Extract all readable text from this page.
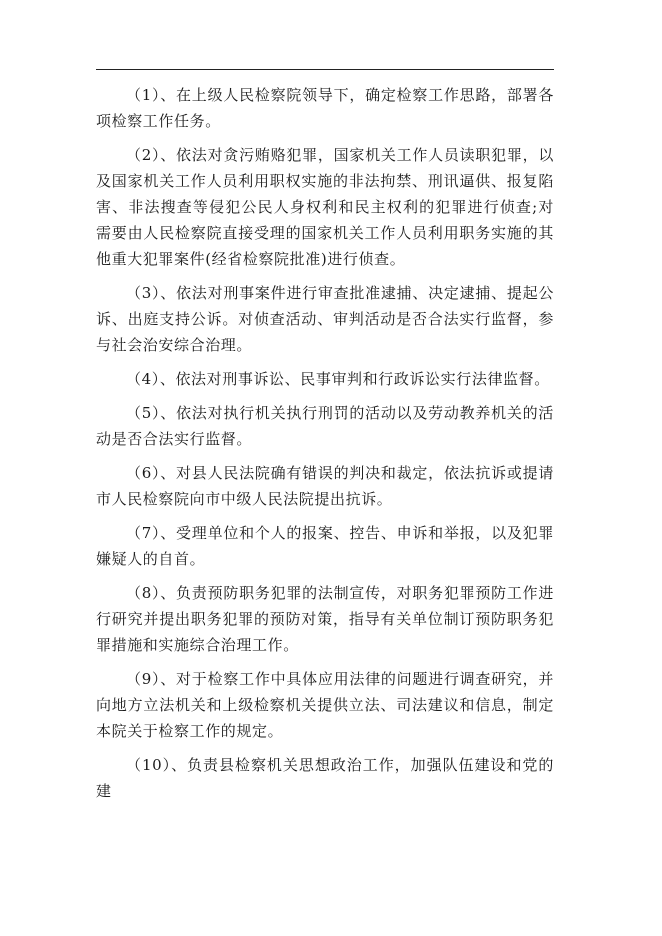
（1）、在上级人民检察院领导下，确定检察工作思路，部署各项检察工作任务。

（2）、依法对贪污贿赂犯罪，国家机关工作人员读职犯罪，以及国家机关工作人员利用职权实施的非法拘禁、刑讯逼供、报复陷害、非法搜查等侵犯公民人身权利和民主权利的犯罪进行侦查;对需要由人民检察院直接受理的国家机关工作人员利用职务实施的其他重大犯罪案件(经省检察院批准)进行侦查。

（3）、依法对刑事案件进行审查批准逮捕、决定逮捕、提起公诉、出庭支持公诉。对侦查活动、审判活动是否合法实行监督，参与社会治安综合治理。

（4）、依法对刑事诉讼、民事审判和行政诉讼实行法律监督。

（5）、依法对执行机关执行刑罚的活动以及劳动教养机关的活动是否合法实行监督。

（6）、对县人民法院确有错误的判决和裁定，依法抗诉或提请市人民检察院向市中级人民法院提出抗诉。

（7）、受理单位和个人的报案、控告、申诉和举报，以及犯罪嫌疑人的自首。

（8）、负责预防职务犯罪的法制宣传，对职务犯罪预防工作进行研究并提出职务犯罪的预防对策，指导有关单位制订预防职务犯罪措施和实施综合治理工作。

（9）、对于检察工作中具体应用法律的问题进行调查研究，并向地方立法机关和上级检察机关提供立法、司法建议和信息，制定本院关于检察工作的规定。

（10）、负责县检察机关思想政治工作，加强队伍建设和党的建
